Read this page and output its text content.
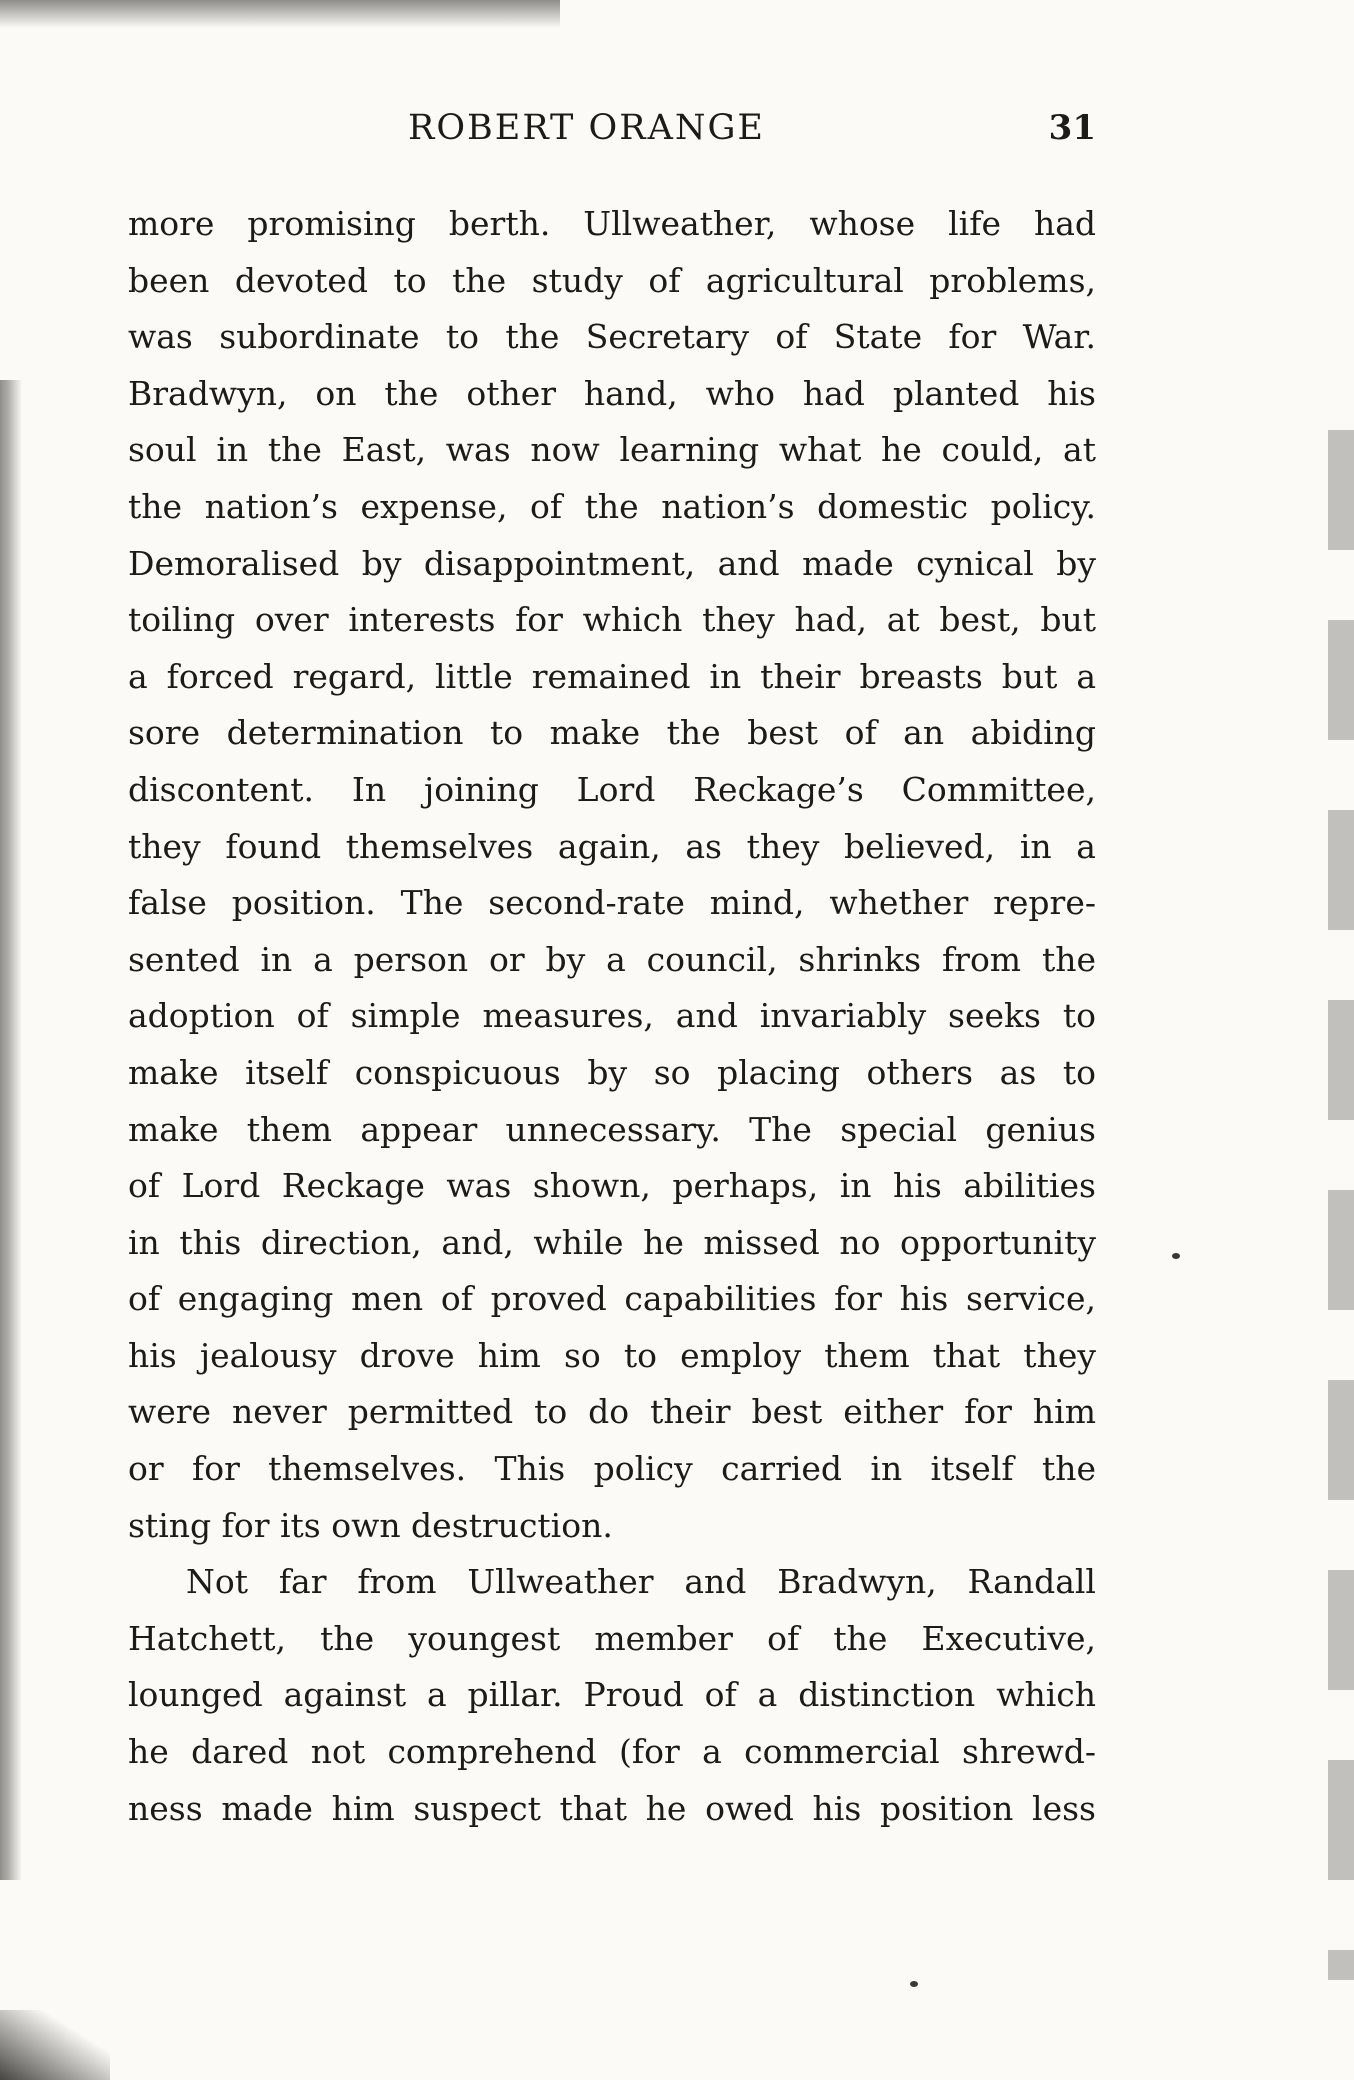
ROBERT ORANGE	31
more promising berth. Ullweather, whose life had
been devoted to the study of agricultural problems,
was subordinate to the Secretary of State for War.
Bradwyn, on the other hand, who had planted his
soul in the East, was now learning what he could, at
the nation’s expense, of the nation’s domestic policy.
Demoralised by disappointment, and made cynical by
toiling over interests for which they had, at best, but
a forced regard, little remained in their breasts but a
sore determination to make the best of an abiding
discontent. In joining Lord Reckage’s Committee,
they found themselves again, as they believed, in a
false position. The second-rate mind, whether repre-
sented in a person or by a council, shrinks from the
adoption of simple measures, and invariably seeks to
make itself conspicuous by so placing others as to
make them appear unnecessary. The special genius
of Lord Reckage was shown, perhaps, in his abilities
in this direction, and, while he missed no opportunity
of engaging men of proved capabilities for his service,
his jealousy drove him so to employ them that they
were never permitted to do their best either for him
or for themselves. This policy carried in itself the
sting for its own destruction.
Not far from Ullweather and Bradwyn, Randall
Hatchett, the youngest member of the Executive,
lounged against a pillar. Proud of a distinction which
he dared not comprehend (for a commercial shrewd-
ness made him suspect that he owed his position less
